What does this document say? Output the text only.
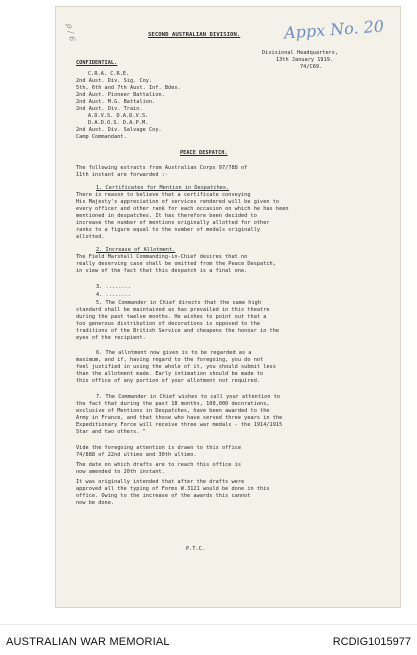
Appx No. 20
ρ / 6	SECOND AUSTRALIAN DIVISION.
CONFIDENTIAL.
Divisional Headquarters,
13th January 1919.
74/C69.
C.R.A. C.R.E.
2nd Aust. Div. Sig. Coy.
5th, 6th and 7th Aust. Inf. Bdes.
2nd Aust. Pioneer Battalion.
2nd Aust. M.G. Battalion.
2nd Aust. Div. Train.
A.D.V.S. D.A.D.V.S.
D.A.D.O.S. D.A.P.M.
2nd Aust. Div. Salvage Coy.
Camp Commandant.
PEACE DESPATCH.
The following extracts from Australian Corps 97/788 of
11th instant are forwarded :-
1. Certificates for Mention in Despatches.
There is reason to believe that a certificate conveying
His Majesty's appreciation of services rendered will be given to
every officer and other rank for each occasion on which he has been
mentioned in despatches. It has therefore been decided to
increase the number of mentions originally allotted for other
ranks to a figure equal to the number of medals originally
allotted.
2. Increase of Allotment.
The Field Marshall Commanding-in-Chief desires that no
really deserving case shall be omitted from the Peace Despatch,
in view of the fact that this despatch is a final one.
3. ........
4. ........
5. The Commander in Chief directs that the same high
standard shall be maintained as has prevailed in this theatre
during the past twelve months. He wishes to point out that a
too generous distribution of decorations is opposed to the
traditions of the British Service and cheapens the honour in the
eyes of the recipient.
6. The allotment now given is to be regarded as a
maximum, and if, having regard to the foregoing, you do not
feel justified in using the whole of it, you should submit less
than the allotment made. Early intimation should be made to
this office of any portion of your allotment not required.
7. The Commander in Chief wishes to call your attention to
the fact that during the past 18 months, 100,000 decorations,
exclusive of Mentions in Despatches, have been awarded to the
Army in France, and that those who have served three years in the
Expeditionary Force will receive three war medals - the 1914/1915
Star and two others. "
Vide the foregoing attention is drawn to this office
74/888 of 22nd ultimo and 30th ultimo.
The date on which drafts are to reach this office is
now amended to 20th instant.
It was originally intended that after the drafts were
approved all the typing of Forms W.3121 would be done in this
office. Owing to the increase of the awards this cannot
now be done.
P.T.C.
AUSTRALIAN WAR MEMORIAL	RCDIG1015977
